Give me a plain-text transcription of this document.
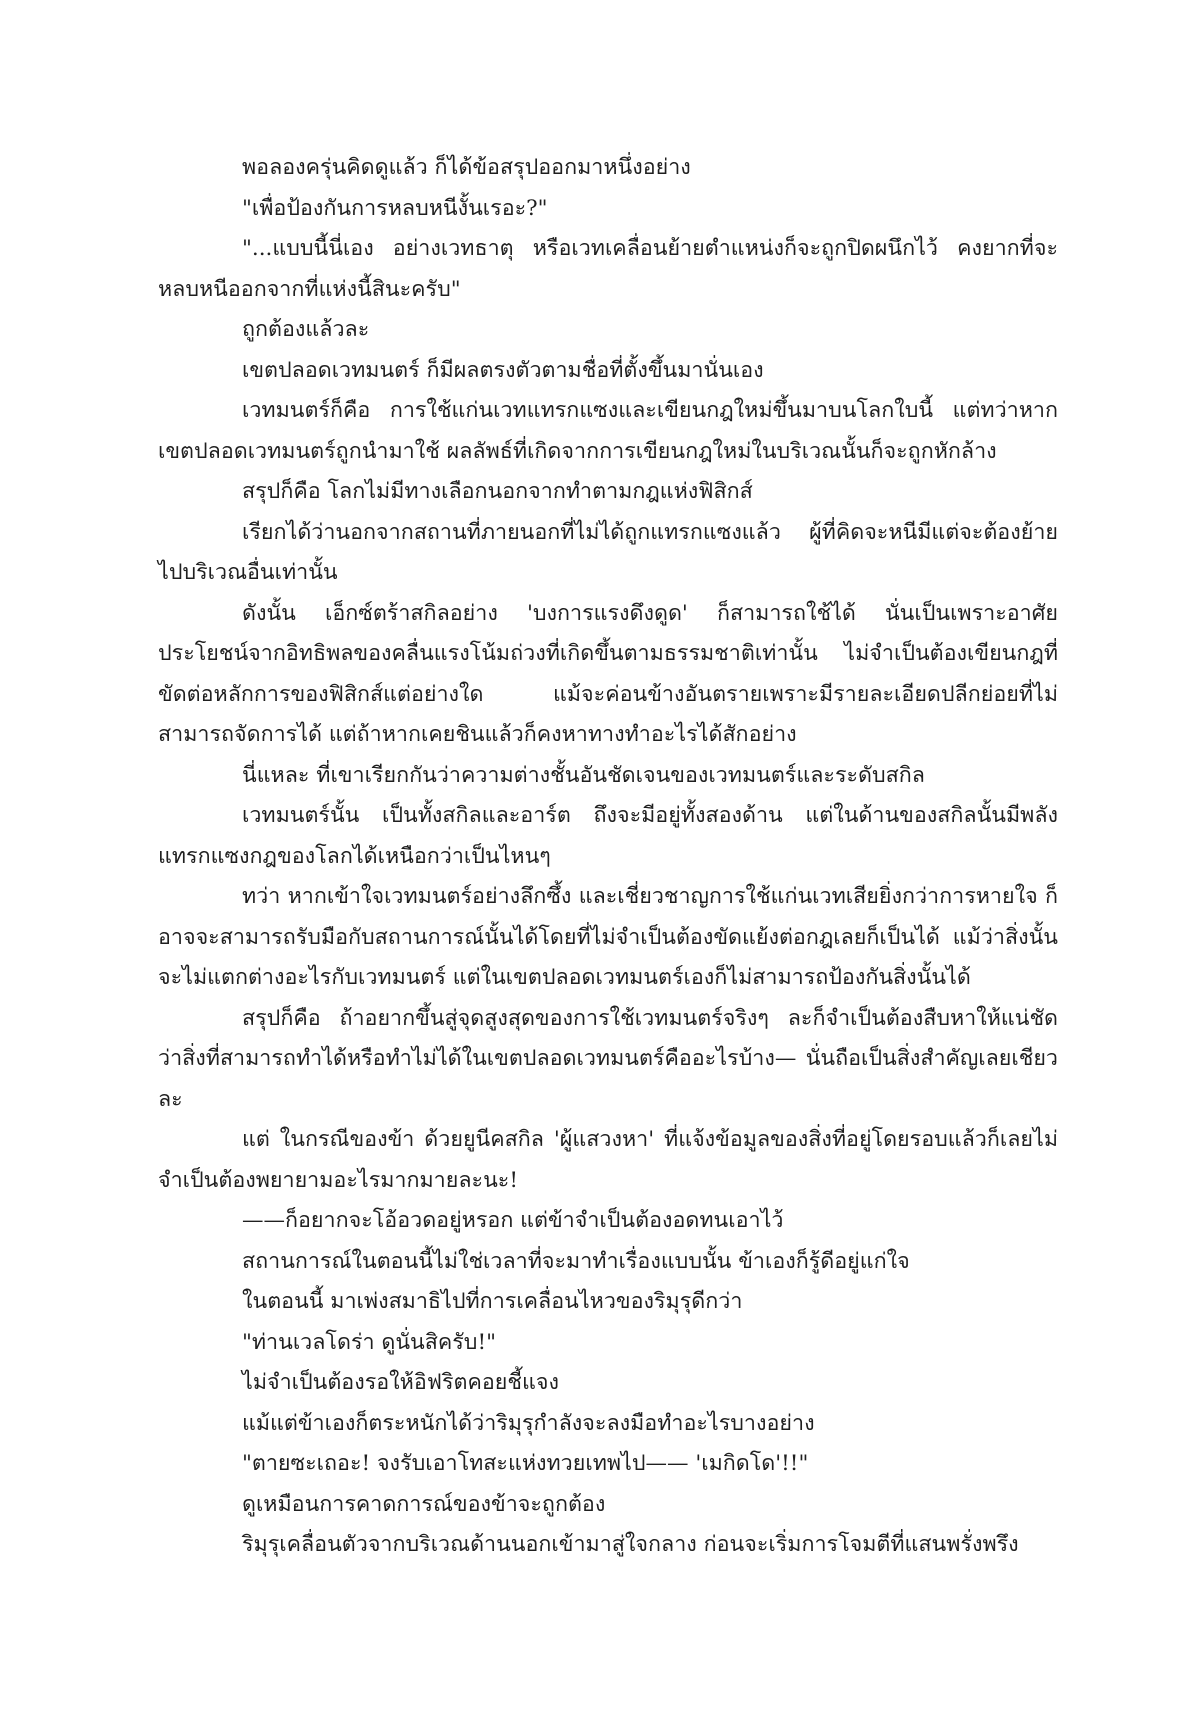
พอลองครุ่นคิดดูแล้ว ก็ได้ข้อสรุปออกมาหนึ่งอย่าง

"เพื่อป้องกันการหลบหนีงั้นเรอะ?"

"...แบบนี้นี่เอง อย่างเวทธาตุ หรือเวทเคลื่อนย้ายตำแหน่งก็จะถูกปิดผนึกไว้ คงยากที่จะหลบหนีออกจากที่แห่งนี้สินะครับ"

ถูกต้องแล้วละ

เขตปลอดเวทมนตร์ ก็มีผลตรงตัวตามชื่อที่ตั้งขึ้นมานั่นเอง

เวทมนตร์ก็คือ การใช้แก่นเวทแทรกแซงและเขียนกฎใหม่ขึ้นมาบนโลกใบนี้ แต่ทว่าหากเขตปลอดเวทมนตร์ถูกนำมาใช้ ผลลัพธ์ที่เกิดจากการเขียนกฎใหม่ในบริเวณนั้นก็จะถูกหักล้าง

สรุปก็คือ โลกไม่มีทางเลือกนอกจากทำตามกฎแห่งฟิสิกส์

เรียกได้ว่านอกจากสถานที่ภายนอกที่ไม่ได้ถูกแทรกแซงแล้ว ผู้ที่คิดจะหนีมีแต่จะต้องย้ายไปบริเวณอื่นเท่านั้น

ดังนั้น เอ็กซ์ตร้าสกิลอย่าง 'บงการแรงดึงดูด' ก็สามารถใช้ได้ นั่นเป็นเพราะอาศัยประโยชน์จากอิทธิพลของคลื่นแรงโน้มถ่วงที่เกิดขึ้นตามธรรมชาติเท่านั้น ไม่จำเป็นต้องเขียนกฎที่ขัดต่อหลักการของฟิสิกส์แต่อย่างใด แม้จะค่อนข้างอันตรายเพราะมีรายละเอียดปลีกย่อยที่ไม่สามารถจัดการได้ แต่ถ้าหากเคยชินแล้วก็คงหาทางทำอะไรได้สักอย่าง

นี่แหละ ที่เขาเรียกกันว่าความต่างชั้นอันชัดเจนของเวทมนตร์และระดับสกิล

เวทมนตร์นั้น เป็นทั้งสกิลและอาร์ต ถึงจะมีอยู่ทั้งสองด้าน แต่ในด้านของสกิลนั้นมีพลังแทรกแซงกฎของโลกได้เหนือกว่าเป็นไหนๆ

ทว่า หากเข้าใจเวทมนตร์อย่างลึกซึ้ง และเชี่ยวชาญการใช้แก่นเวทเสียยิ่งกว่าการหายใจ ก็อาจจะสามารถรับมือกับสถานการณ์นั้นได้โดยที่ไม่จำเป็นต้องขัดแย้งต่อกฎเลยก็เป็นได้ แม้ว่าสิ่งนั้นจะไม่แตกต่างอะไรกับเวทมนตร์ แต่ในเขตปลอดเวทมนตร์เองก็ไม่สามารถป้องกันสิ่งนั้นได้

สรุปก็คือ ถ้าอยากขึ้นสู่จุดสูงสุดของการใช้เวทมนตร์จริงๆ ละก็จำเป็นต้องสืบหาให้แน่ชัดว่าสิ่งที่สามารถทำได้หรือทำไม่ได้ในเขตปลอดเวทมนตร์คืออะไรบ้าง— นั่นถือเป็นสิ่งสำคัญเลยเชียวละ

แต่ ในกรณีของข้า ด้วยยูนีคสกิล 'ผู้แสวงหา' ที่แจ้งข้อมูลของสิ่งที่อยู่โดยรอบแล้วก็เลยไม่จำเป็นต้องพยายามอะไรมากมายละนะ!

——ก็อยากจะโอ้อวดอยู่หรอก แต่ข้าจำเป็นต้องอดทนเอาไว้

สถานการณ์ในตอนนี้ไม่ใช่เวลาที่จะมาทำเรื่องแบบนั้น ข้าเองก็รู้ดีอยู่แก่ใจ

ในตอนนี้ มาเพ่งสมาธิไปที่การเคลื่อนไหวของริมุรุดีกว่า

"ท่านเวลโดร่า ดูนั่นสิครับ!"

ไม่จำเป็นต้องรอให้อิฟริตคอยชี้แจง

แม้แต่ข้าเองก็ตระหนักได้ว่าริมุรุกำลังจะลงมือทำอะไรบางอย่าง

"ตายซะเถอะ! จงรับเอาโทสะแห่งทวยเทพไป—— 'เมกิดโด'!!"

ดูเหมือนการคาดการณ์ของข้าจะถูกต้อง

ริมุรุเคลื่อนตัวจากบริเวณด้านนอกเข้ามาสู่ใจกลาง ก่อนจะเริ่มการโจมตีที่แสนพรั่งพรึง
